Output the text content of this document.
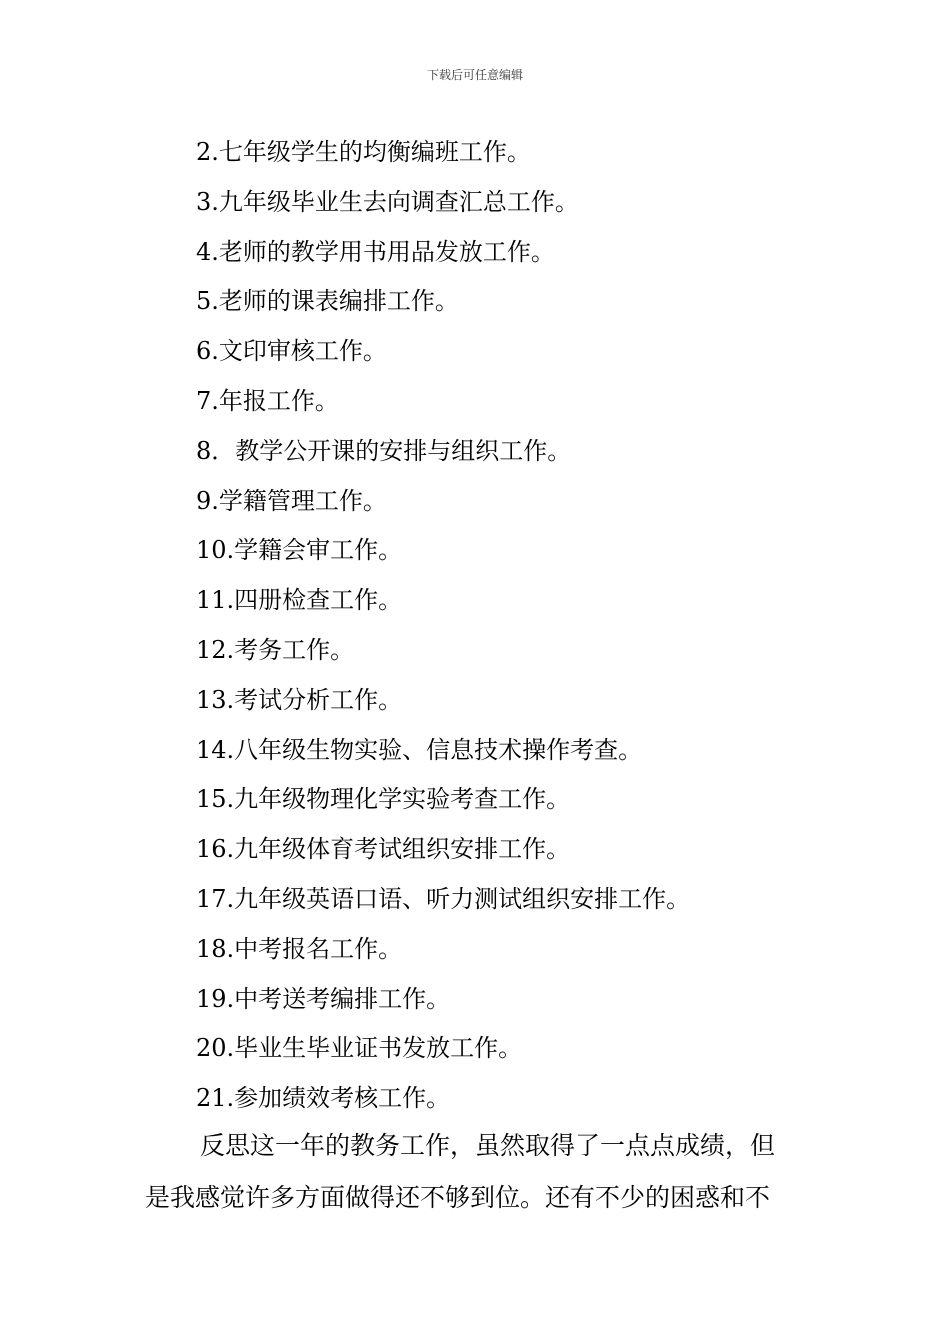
下载后可任意编辑
2.七年级学生的均衡编班工作。
3.九年级毕业生去向调查汇总工作。
4.老师的教学用书用品发放工作。
5.老师的课表编排工作。
6.文印审核工作。
7.年报工作。
8．教学公开课的安排与组织工作。
9.学籍管理工作。
10.学籍会审工作。
11.四册检查工作。
12.考务工作。
13.考试分析工作。
14.八年级生物实验、信息技术操作考查。
15.九年级物理化学实验考查工作。
16.九年级体育考试组织安排工作。
17.九年级英语口语、听力测试组织安排工作。
18.中考报名工作。
19.中考送考编排工作。
20.毕业生毕业证书发放工作。
21.参加绩效考核工作。

反思这一年的教务工作，虽然取得了一点点成绩，但
是我感觉许多方面做得还不够到位。还有不少的困惑和不
